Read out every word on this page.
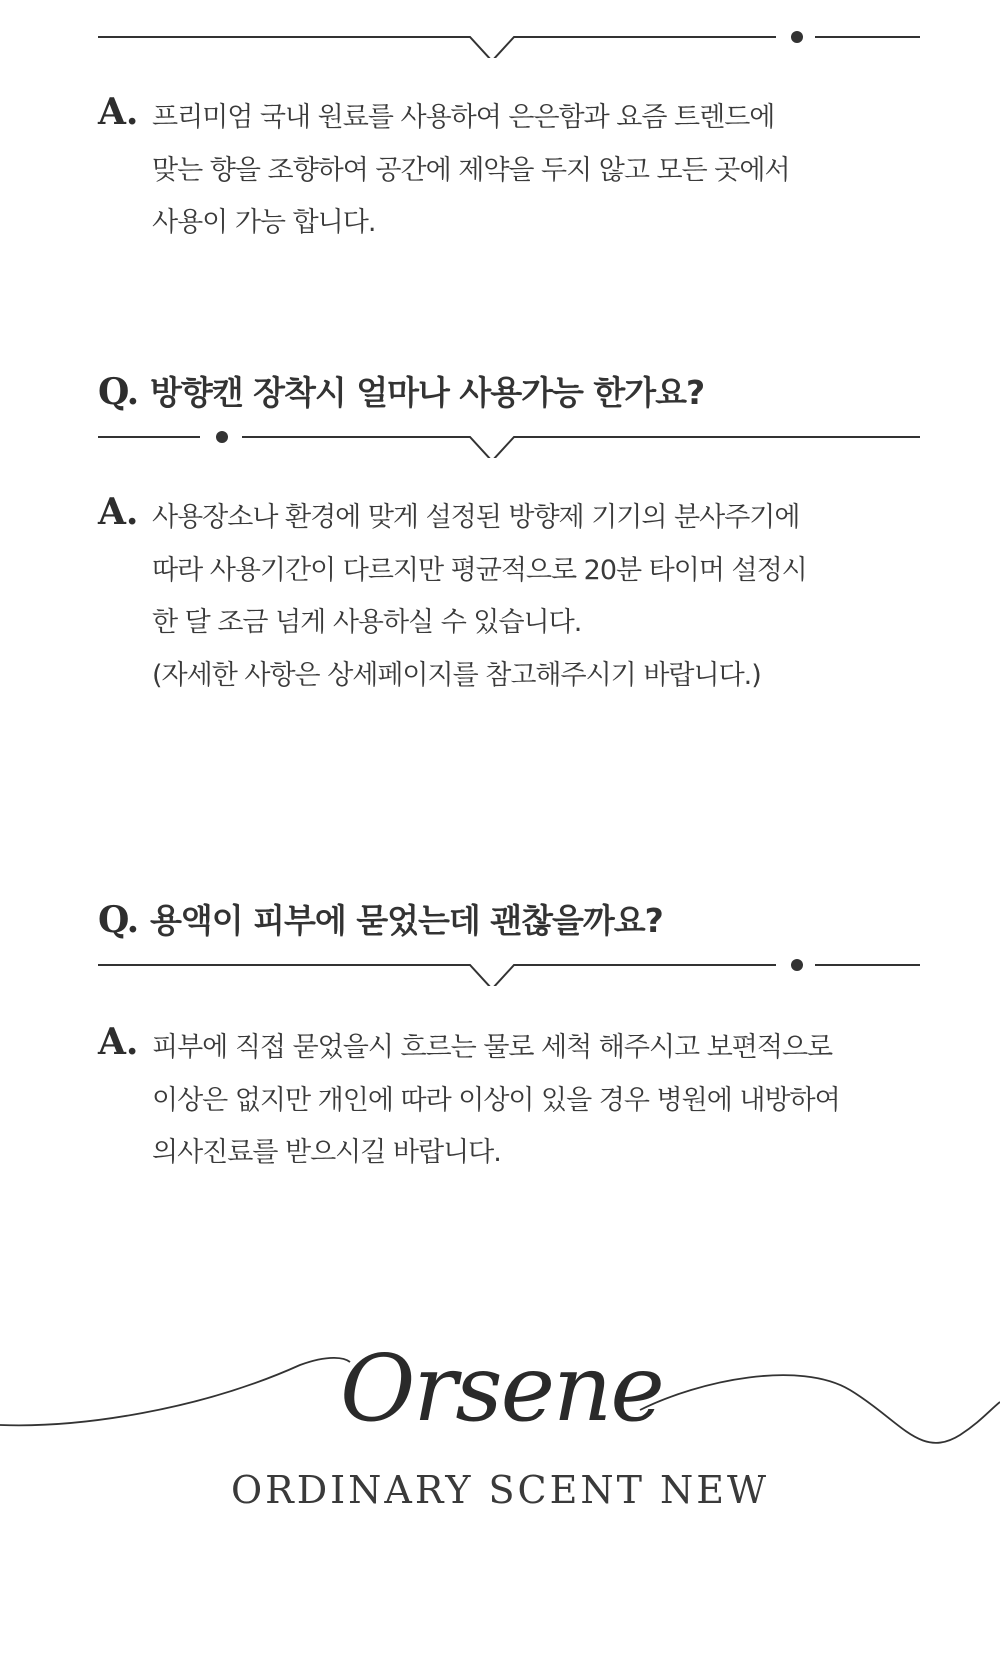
A. 프리미엄 국내 원료를 사용하여 은은함과 요즘 트렌드에
맞는 향을 조향하여 공간에 제약을 두지 않고 모든 곳에서
사용이 가능 합니다.
Q. 방향캔 장착시 얼마나 사용가능 한가요?
A. 사용장소나 환경에 맞게 설정된 방향제 기기의 분사주기에
따라 사용기간이 다르지만 평균적으로 20분 타이머 설정시
한 달 조금 넘게 사용하실 수 있습니다.
(자세한 사항은 상세페이지를 참고해주시기 바랍니다.)
Q. 용액이 피부에 묻었는데 괜찮을까요?
A. 피부에 직접 묻었을시 흐르는 물로 세척 해주시고 보편적으로
이상은 없지만 개인에 따라 이상이 있을 경우 병원에 내방하여
의사진료를 받으시길 바랍니다.
Orsene
ORDINARY SCENT NEW
